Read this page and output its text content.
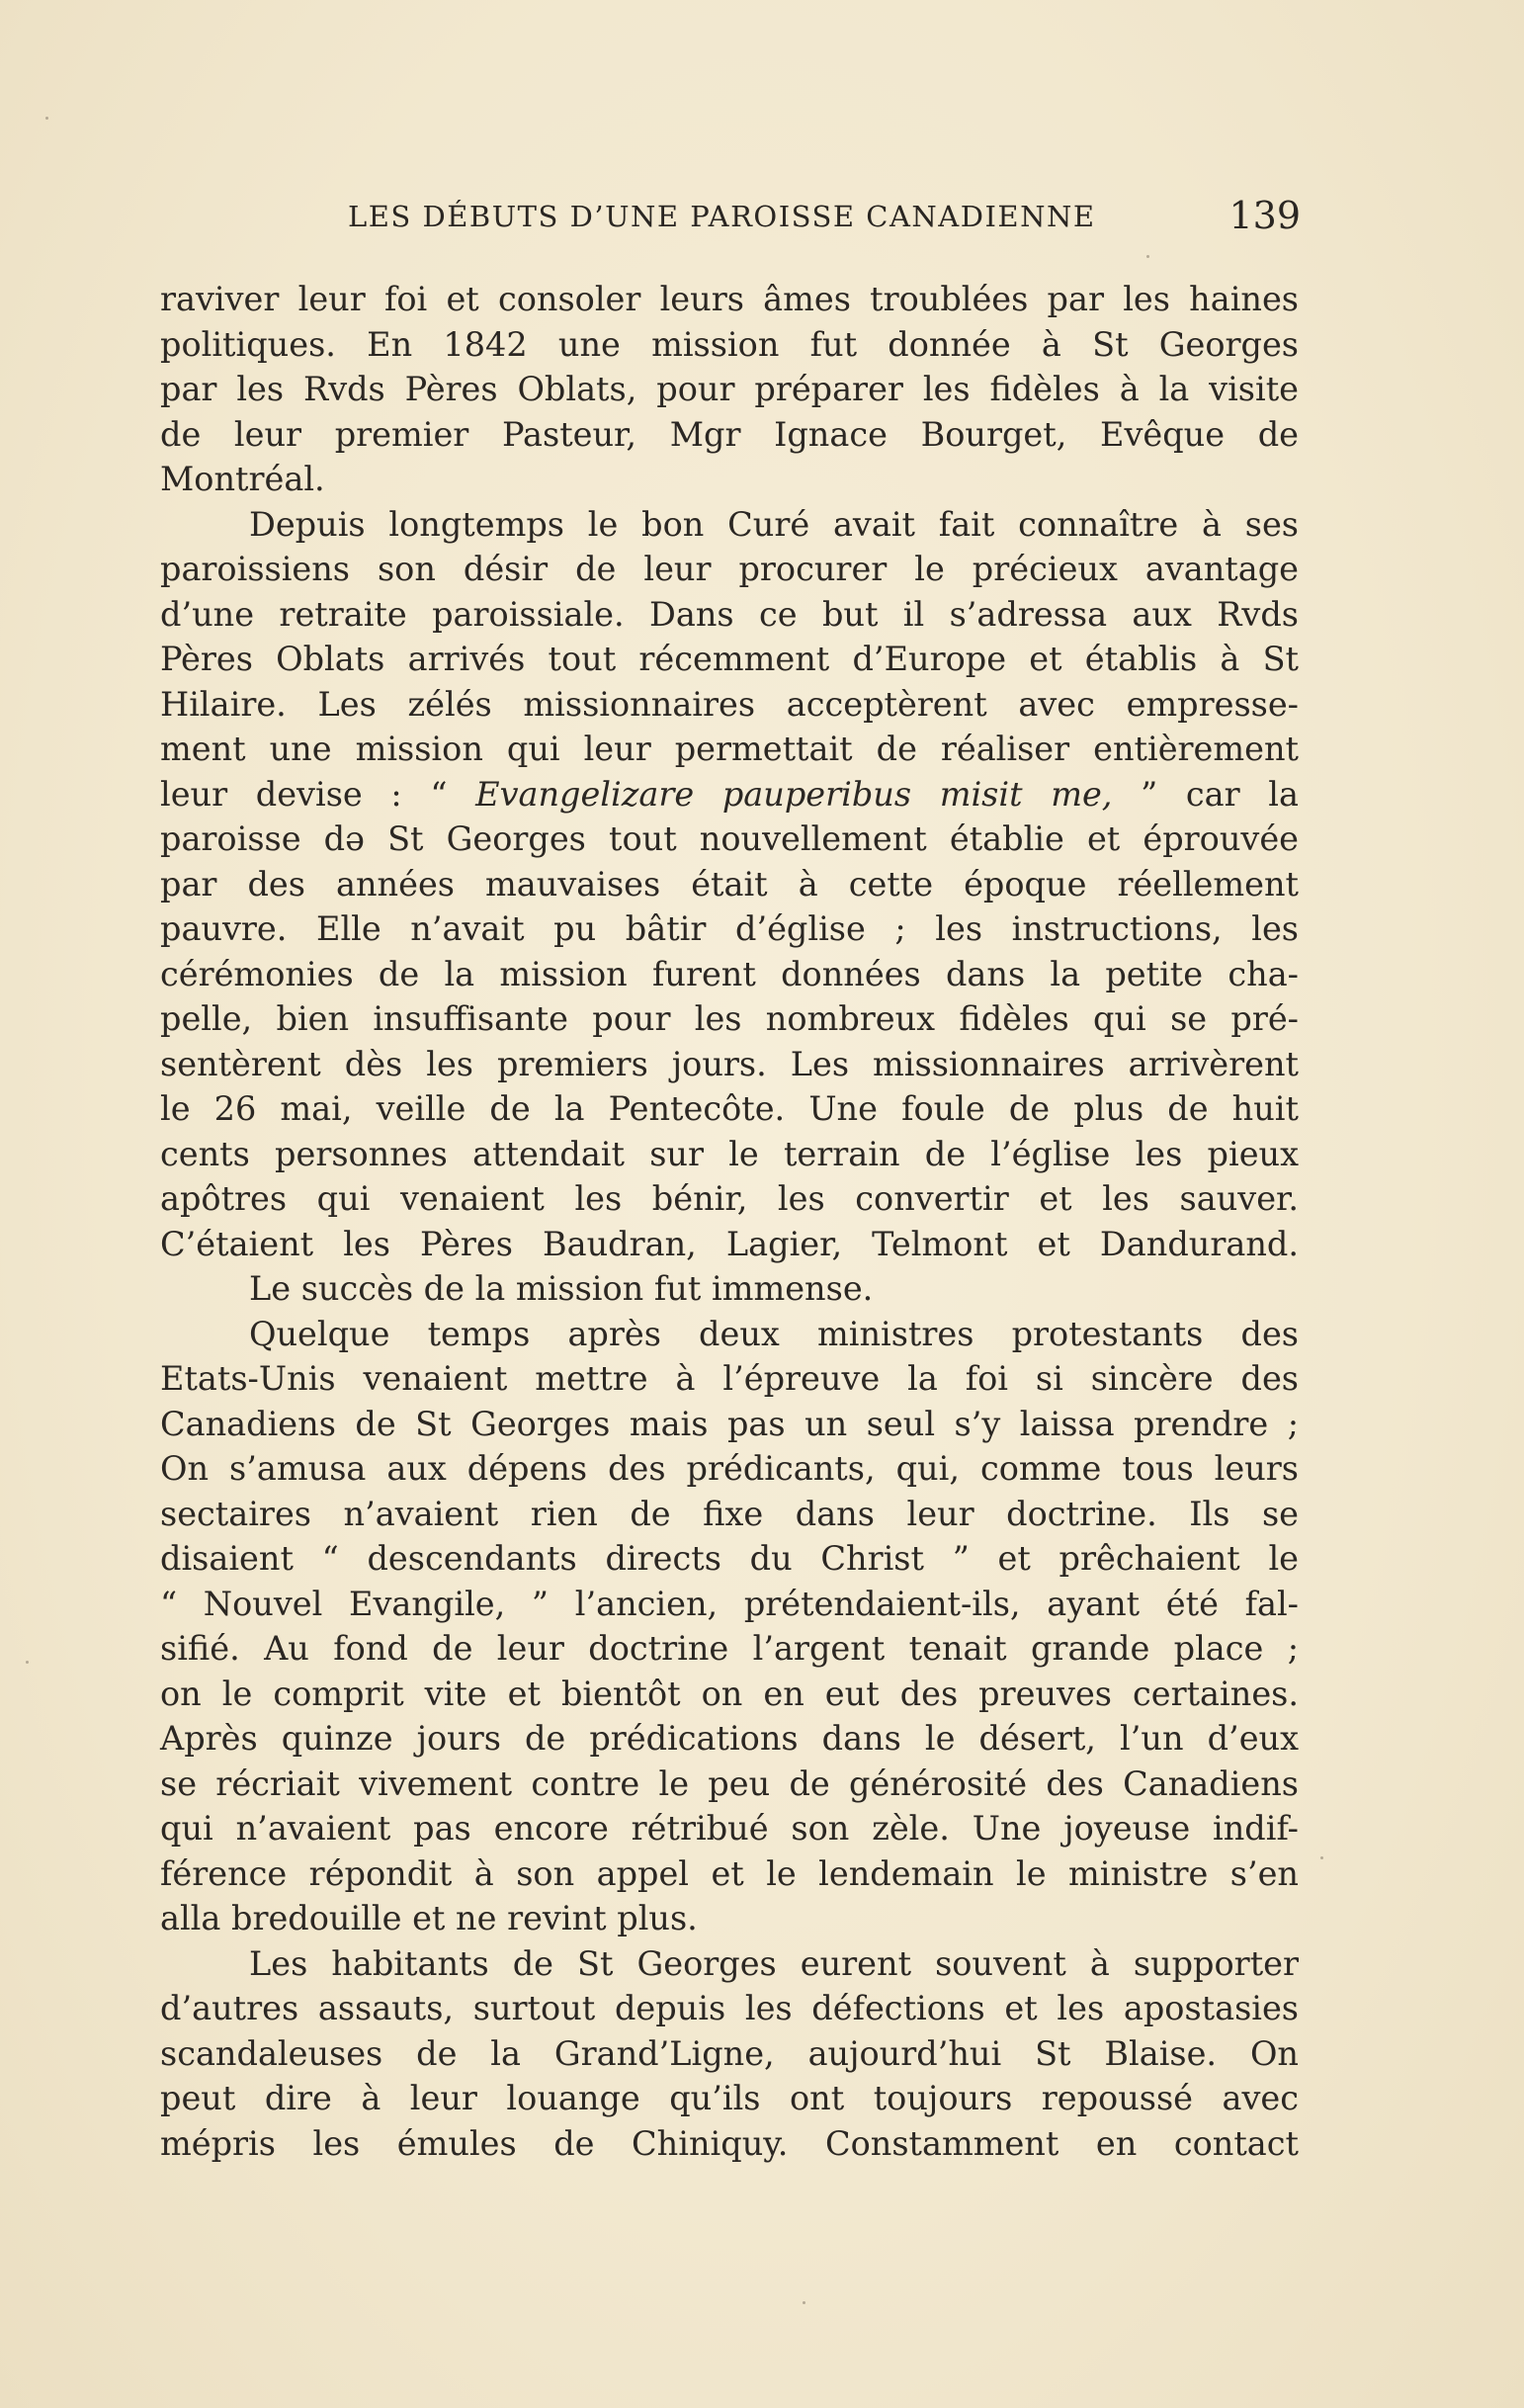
LES DÉBUTS D’UNE PAROISSE CANADIENNE	139
raviver leur foi et consoler leurs âmes troublées par les haines
politiques. En 1842 une mission fut donnée à St Georges
par les Rvds Pères Oblats, pour préparer les fidèles à la visite
de leur premier Pasteur, Mgr Ignace Bourget, Evêque de
Montréal.
Depuis longtemps le bon Curé avait fait connaître à ses
paroissiens son désir de leur procurer le précieux avantage
d’une retraite paroissiale. Dans ce but il s’adressa aux Rvds
Pères Oblats arrivés tout récemment d’Europe et établis à St
Hilaire. Les zélés missionnaires acceptèrent avec empresse-
ment une mission qui leur permettait de réaliser entièrement
leur devise : “ Evangelizare pauperibus misit me, ” car la
paroisse dә St Georges tout nouvellement établie et éprouvée
par des années mauvaises était à cette époque réellement
pauvre. Elle n’avait pu bâtir d’église ; les instructions, les
cérémonies de la mission furent données dans la petite cha-
pelle, bien insuffisante pour les nombreux fidèles qui se pré-
sentèrent dès les premiers jours. Les missionnaires arrivèrent
le 26 mai, veille de la Pentecôte. Une foule de plus de huit
cents personnes attendait sur le terrain de l’église les pieux
apôtres qui venaient les bénir, les convertir et les sauver.
C’étaient les Pères Baudran, Lagier, Telmont et Dandurand.
Le succès de la mission fut immense.
Quelque temps après deux ministres protestants des
Etats-Unis venaient mettre à l’épreuve la foi si sincère des
Canadiens de St Georges mais pas un seul s’y laissa prendre ;
On s’amusa aux dépens des prédicants, qui, comme tous leurs
sectaires n’avaient rien de fixe dans leur doctrine. Ils se
disaient “ descendants directs du Christ ” et prêchaient le
“ Nouvel Evangile, ” l’ancien, prétendaient-ils, ayant été fal-
sifié. Au fond de leur doctrine l’argent tenait grande place ;
on le comprit vite et bientôt on en eut des preuves certaines.
Après quinze jours de prédications dans le désert, l’un d’eux
se récriait vivement contre le peu de générosité des Canadiens
qui n’avaient pas encore rétribué son zèle. Une joyeuse indif-
férence répondit à son appel et le lendemain le ministre s’en
alla bredouille et ne revint plus.
Les habitants de St Georges eurent souvent à supporter
d’autres assauts, surtout depuis les défections et les apostasies
scandaleuses de la Grand’Ligne, aujourd’hui St Blaise. On
peut dire à leur louange qu’ils ont toujours repoussé avec
mépris les émules de Chiniquy. Constamment en contact
